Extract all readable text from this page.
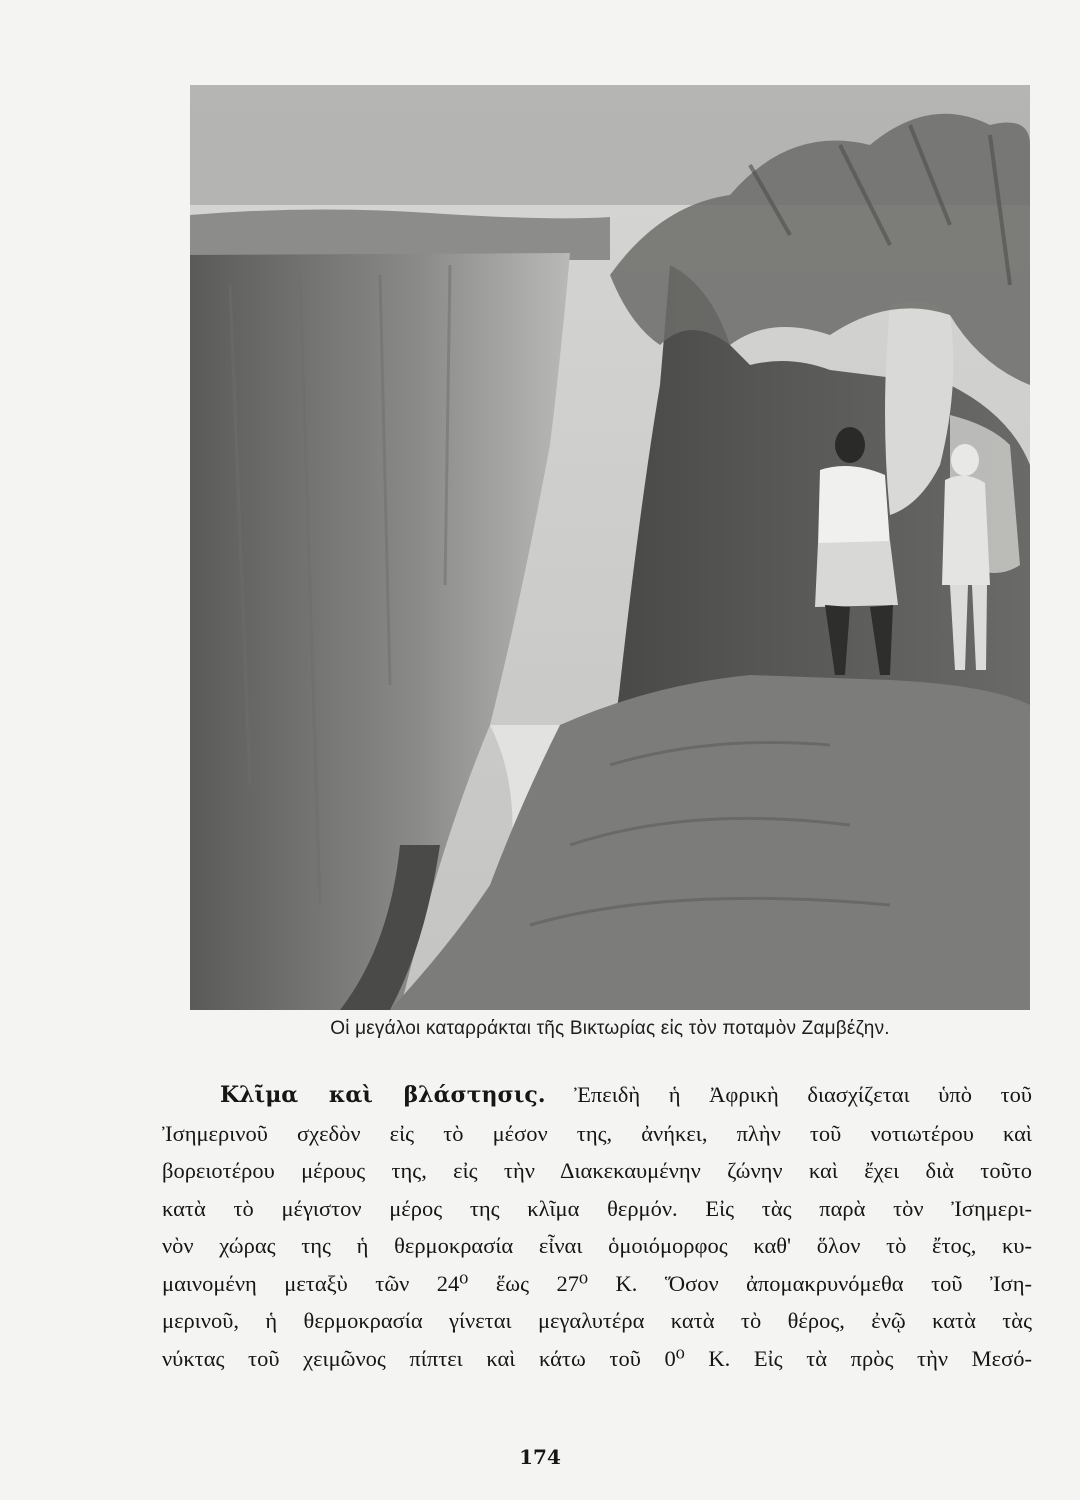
Οἱ μεγάλοι καταρράκται τῆς Βικτωρίας εἰς τὸν ποταμὸν Ζαμβέζην.
Κλῖμα καὶ βλάστησις. Ἐπειδὴ ἡ Ἀφρικὴ διασχίζεται ὑπὸ τοῦ
Ἰσημερινοῦ σχεδὸν εἰς τὸ μέσον της, ἀνήκει, πλὴν τοῦ νοτιωτέρου καὶ
βορειοτέρου μέρους της, εἰς τὴν Διακεκαυμένην ζώνην καὶ ἔχει διὰ τοῦτο
κατὰ τὸ μέγιστον μέρος της κλῖμα θερμόν. Εἰς τὰς παρὰ τὸν Ἰσημερι-
νὸν χώρας της ἡ θερμοκρασία εἶναι ὁμοιόμορφος καθ' ὅλον τὸ ἔτος, κυ-
μαινομένη μεταξὺ τῶν 24⁰ ἕως 27⁰ Κ. Ὅσον ἀπομακρυνόμεθα τοῦ Ἰση-
μερινοῦ, ἡ θερμοκρασία γίνεται μεγαλυτέρα κατὰ τὸ θέρος, ἐνῷ κατὰ τὰς
νύκτας τοῦ χειμῶνος πίπτει καὶ κάτω τοῦ 0⁰ Κ. Εἰς τὰ πρὸς τὴν Μεσό-
174
